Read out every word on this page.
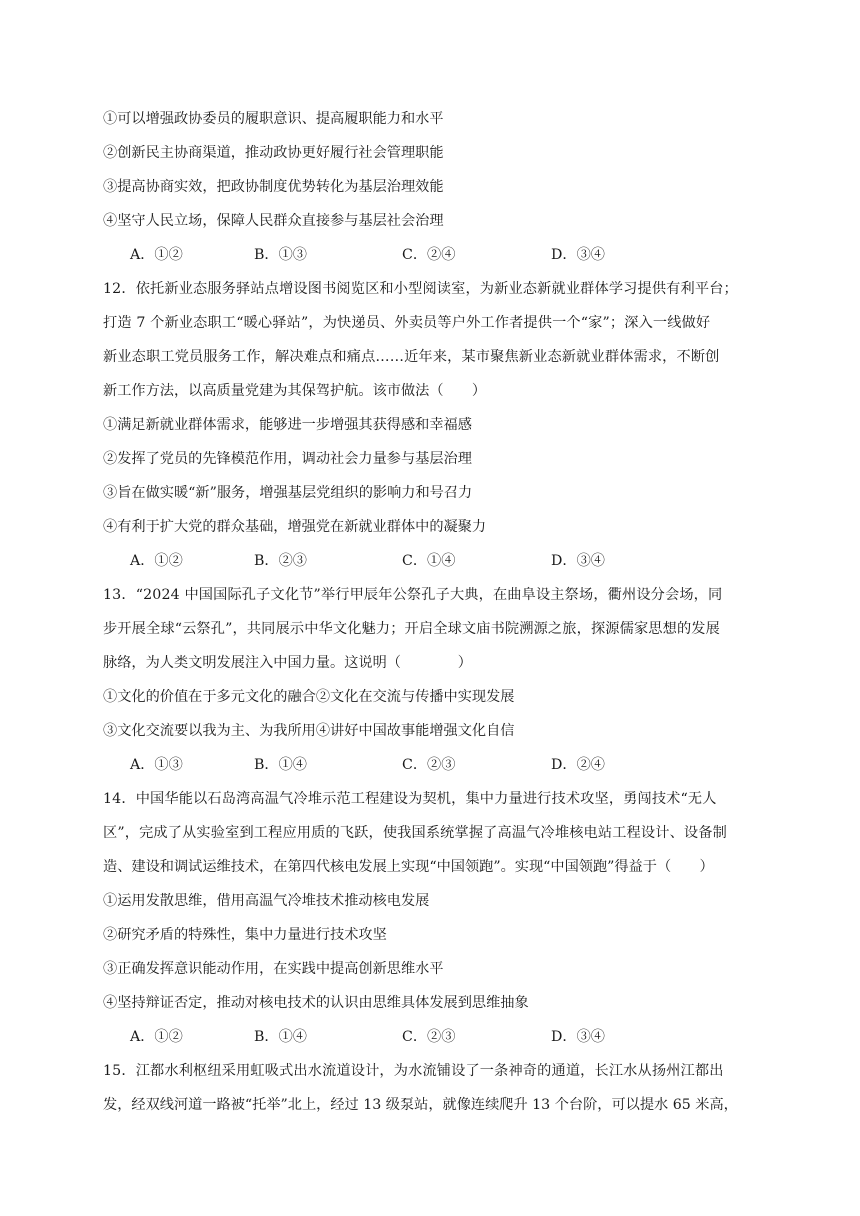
①可以增强政协委员的履职意识、提高履职能力和水平
②创新民主协商渠道，推动政协更好履行社会管理职能
③提高协商实效，把政协制度优势转化为基层治理效能
④坚守人民立场，保障人民群众直接参与基层社会治理
A．①②	B．①③	C．②④	D．③④
12．依托新业态服务驿站点增设图书阅览区和小型阅读室，为新业态新就业群体学习提供有利平台；
打造 7 个新业态职工“暖心驿站”，为快递员、外卖员等户外工作者提供一个“家”；深入一线做好
新业态职工党员服务工作，解决难点和痛点……近年来，某市聚焦新业态新就业群体需求，不断创
新工作方法，以高质量党建为其保驾护航。该市做法（　　）
①满足新就业群体需求，能够进一步增强其获得感和幸福感
②发挥了党员的先锋模范作用，调动社会力量参与基层治理
③旨在做实暖“新”服务，增强基层党组织的影响力和号召力
④有利于扩大党的群众基础，增强党在新就业群体中的凝聚力
A．①②	B．②③	C．①④	D．③④
13．“2024 中国国际孔子文化节”举行甲辰年公祭孔子大典，在曲阜设主祭场，衢州设分会场，同
步开展全球“云祭孔”，共同展示中华文化魅力；开启全球文庙书院溯源之旅，探源儒家思想的发展
脉络，为人类文明发展注入中国力量。这说明（　　　　）
①文化的价值在于多元文化的融合②文化在交流与传播中实现发展
③文化交流要以我为主、为我所用④讲好中国故事能增强文化自信
A．①③	B．①④	C．②③	D．②④
14．中国华能以石岛湾高温气冷堆示范工程建设为契机，集中力量进行技术攻坚，勇闯技术“无人
区”，完成了从实验室到工程应用质的飞跃，使我国系统掌握了高温气冷堆核电站工程设计、设备制
造、建设和调试运维技术，在第四代核电发展上实现“中国领跑”。实现“中国领跑”得益于（　　）
①运用发散思维，借用高温气冷堆技术推动核电发展
②研究矛盾的特殊性，集中力量进行技术攻坚
③正确发挥意识能动作用，在实践中提高创新思维水平
④坚持辩证否定，推动对核电技术的认识由思维具体发展到思维抽象
A．①②	B．①④	C．②③	D．③④
15．江都水利枢纽采用虹吸式出水流道设计，为水流铺设了一条神奇的通道，长江水从扬州江都出
发，经双线河道一路被“托举”北上，经过 13 级泵站，就像连续爬升 13 个台阶，可以提水 65 米高，
